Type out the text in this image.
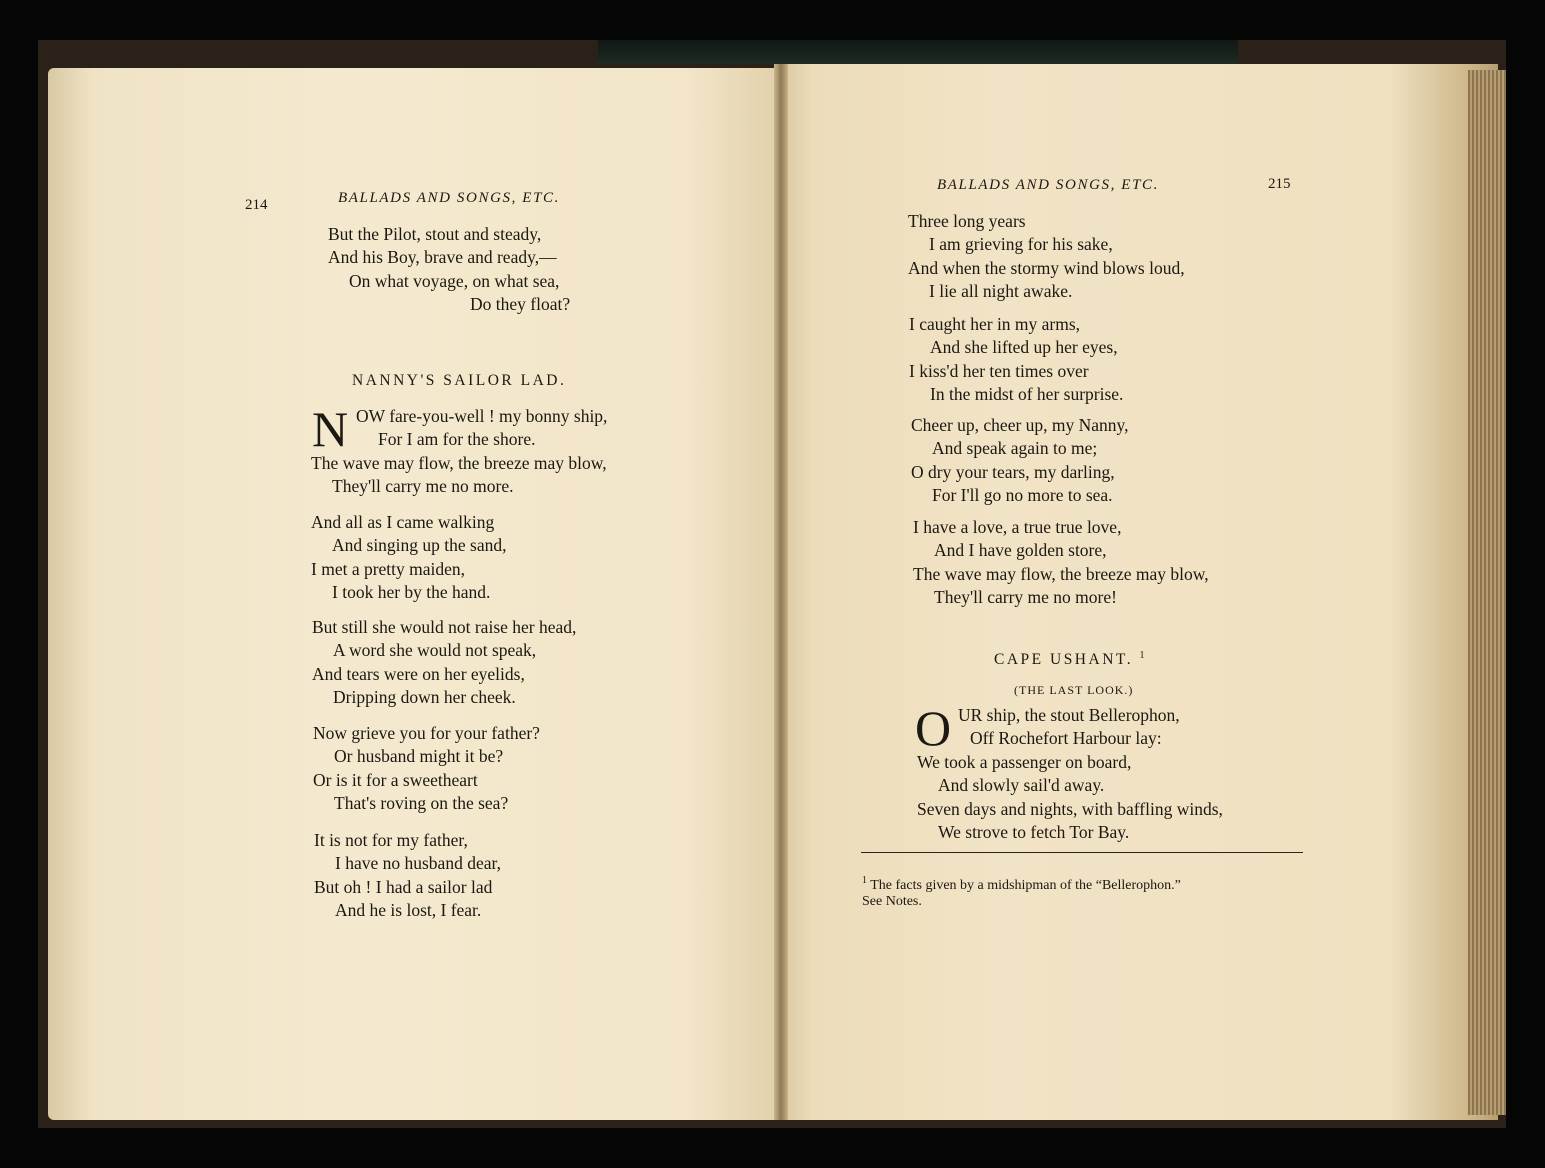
214	BALLADS AND SONGS, ETC.
But the Pilot, stout and steady,
And his Boy, brave and ready,—
On what voyage, on what sea,
Do they float?
NANNY'S SAILOR LAD.
N OW fare-you-well ! my bonny ship,
For I am for the shore.
The wave may flow, the breeze may blow,
They'll carry me no more.
And all as I came walking
And singing up the sand,
I met a pretty maiden,
I took her by the hand.
But still she would not raise her head,
A word she would not speak,
And tears were on her eyelids,
Dripping down her cheek.
Now grieve you for your father?
Or husband might it be?
Or is it for a sweetheart
That's roving on the sea?
It is not for my father,
I have no husband dear,
But oh ! I had a sailor lad
And he is lost, I fear.
BALLADS AND SONGS, ETC.	215
Three long years
I am grieving for his sake,
And when the stormy wind blows loud,
I lie all night awake.
I caught her in my arms,
And she lifted up her eyes,
I kiss'd her ten times over
In the midst of her surprise.
Cheer up, cheer up, my Nanny,
And speak again to me;
O dry your tears, my darling,
For I'll go no more to sea.
I have a love, a true true love,
And I have golden store,
The wave may flow, the breeze may blow,
They'll carry me no more!
CAPE USHANT. $^1$
(THE LAST LOOK.)
O UR ship, the stout Bellerophon,
Off Rochefort Harbour lay:
We took a passenger on board,
And slowly sail'd away.
Seven days and nights, with baffling winds,
We strove to fetch Tor Bay.
$^1$ The facts given by a midshipman of the “Bellerophon.”
See Notes.
